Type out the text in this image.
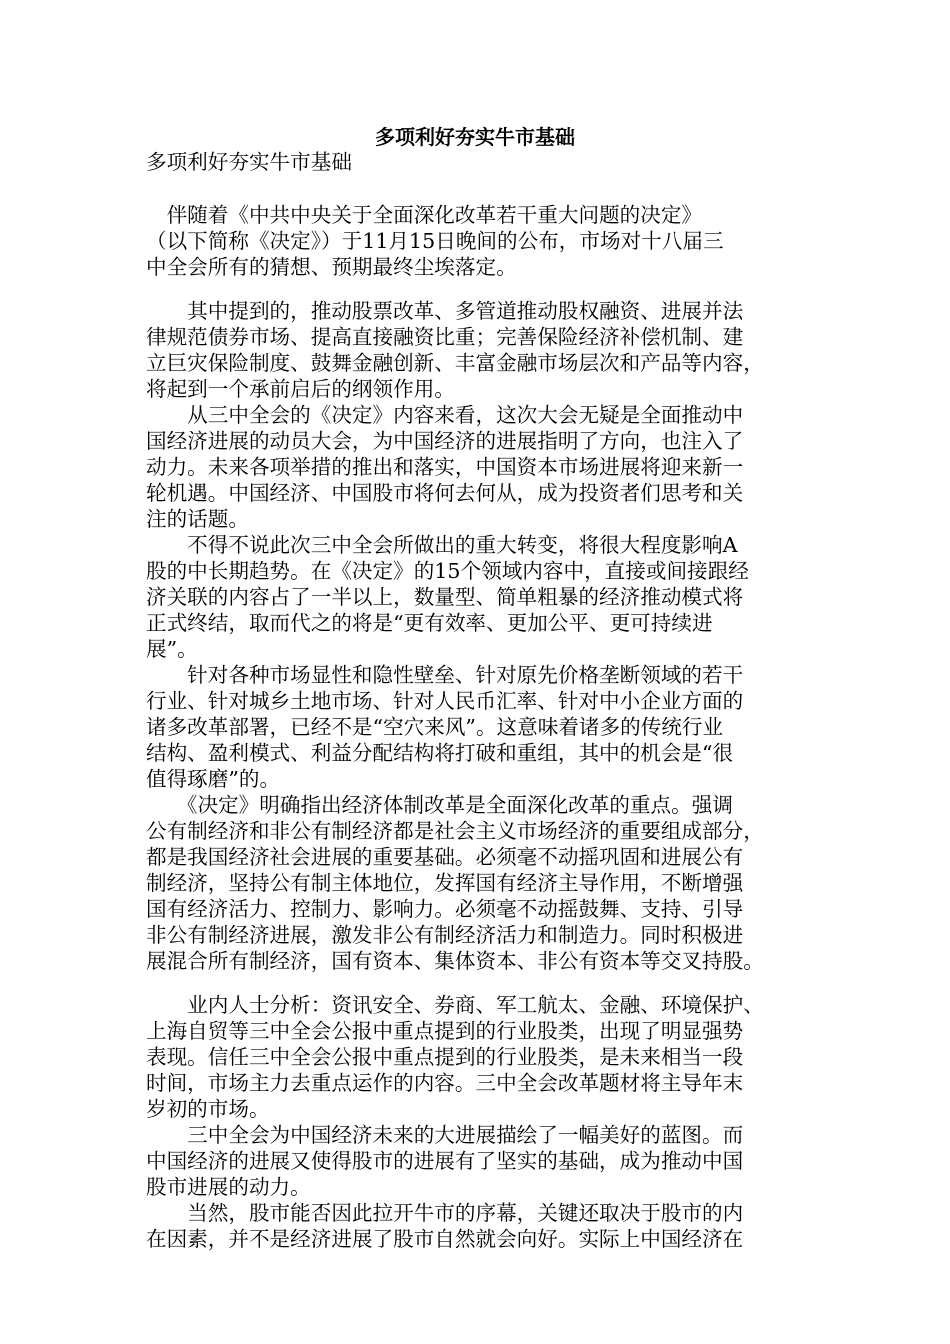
多项利好夯实牛市基础
多项利好夯实牛市基础
　伴随着《中共中央关于全面深化改革若干重大问题的决定》
（以下简称《决定》）于11月15日晚间的公布，市场对十八届三
中全会所有的猜想、预期最终尘埃落定。
　　其中提到的，推动股票改革、多管道推动股权融资、进展并法
律规范债券市场、提高直接融资比重；完善保险经济补偿机制、建
立巨灾保险制度、鼓舞金融创新、丰富金融市场层次和产品等内容，
将起到一个承前启后的纲领作用。
　　从三中全会的《决定》内容来看，这次大会无疑是全面推动中
国经济进展的动员大会，为中国经济的进展指明了方向，也注入了
动力。未来各项举措的推出和落实，中国资本市场进展将迎来新一
轮机遇。中国经济、中国股市将何去何从，成为投资者们思考和关
注的话题。
　　不得不说此次三中全会所做出的重大转变，将很大程度影响A
股的中长期趋势。在《决定》的15个领域内容中，直接或间接跟经
济关联的内容占了一半以上，数量型、简单粗暴的经济推动模式将
正式终结，取而代之的将是“更有效率、更加公平、更可持续进
展”。
　　针对各种市场显性和隐性壁垒、针对原先价格垄断领域的若干
行业、针对城乡土地市场、针对人民币汇率、针对中小企业方面的
诸多改革部署，已经不是“空穴来风”。这意味着诸多的传统行业
结构、盈利模式、利益分配结构将打破和重组，其中的机会是“很
值得琢磨”的。
　　《决定》明确指出经济体制改革是全面深化改革的重点。强调
公有制经济和非公有制经济都是社会主义市场经济的重要组成部分，
都是我国经济社会进展的重要基础。必须毫不动摇巩固和进展公有
制经济，坚持公有制主体地位，发挥国有经济主导作用，不断增强
国有经济活力、控制力、影响力。必须毫不动摇鼓舞、支持、引导
非公有制经济进展，激发非公有制经济活力和制造力。同时积极进
展混合所有制经济，国有资本、集体资本、非公有资本等交叉持股。
　　业内人士分析：资讯安全、券商、军工航太、金融、环境保护、
上海自贸等三中全会公报中重点提到的行业股类，出现了明显强势
表现。信任三中全会公报中重点提到的行业股类，是未来相当一段
时间，市场主力去重点运作的内容。三中全会改革题材将主导年末
岁初的市场。
　　三中全会为中国经济未来的大进展描绘了一幅美好的蓝图。而
中国经济的进展又使得股市的进展有了坚实的基础，成为推动中国
股市进展的动力。
　　当然，股市能否因此拉开牛市的序幕，关键还取决于股市的内
在因素，并不是经济进展了股市自然就会向好。实际上中国经济在
